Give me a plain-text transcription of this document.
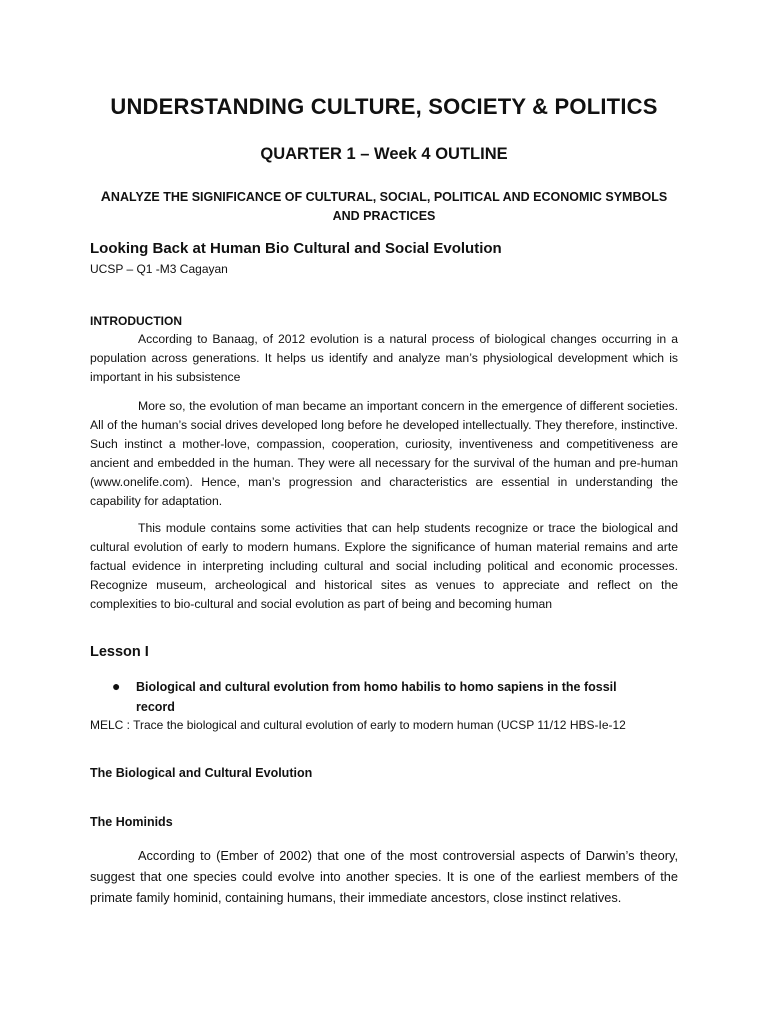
UNDERSTANDING CULTURE, SOCIETY & POLITICS
QUARTER 1 – Week 4 OUTLINE
ANALYZE THE SIGNIFICANCE OF CULTURAL, SOCIAL, POLITICAL AND ECONOMIC SYMBOLS AND PRACTICES
Looking Back at Human Bio Cultural and Social Evolution
UCSP – Q1 -M3 Cagayan
INTRODUCTION

According to Banaag, of 2012 evolution is a natural process of biological changes occurring in a population across generations. It helps us identify and analyze man’s physiological development which is important in his subsistence

More so, the evolution of man became an important concern in the emergence of different societies. All of the human’s social drives developed long before he developed intellectually. They therefore, instinctive. Such instinct a mother-love, compassion, cooperation, curiosity, inventiveness and competitiveness are ancient and embedded in the human. They were all necessary for the survival of the human and pre-human (www.onelife.com). Hence, man’s progression and characteristics are essential in understanding the capability for adaptation.

This module contains some activities that can help students recognize or trace the biological and cultural evolution of early to modern humans. Explore the significance of human material remains and arte factual evidence in interpreting including cultural and social including political and economic processes. Recognize museum, archeological and historical sites as venues to appreciate and reflect on the complexities to bio-cultural and social evolution as part of being and becoming human

Lesson I
● Biological and cultural evolution from homo habilis to homo sapiens in the fossil record
MELC : Trace the biological and cultural evolution of early to modern human (UCSP 11/12 HBS-Ie-12
The Biological and Cultural Evolution
The Hominids

According to (Ember of 2002) that one of the most controversial aspects of Darwin’s theory, suggest that one species could evolve into another species. It is one of the earliest members of the primate family hominid, containing humans, their immediate ancestors, close instinct relatives.
